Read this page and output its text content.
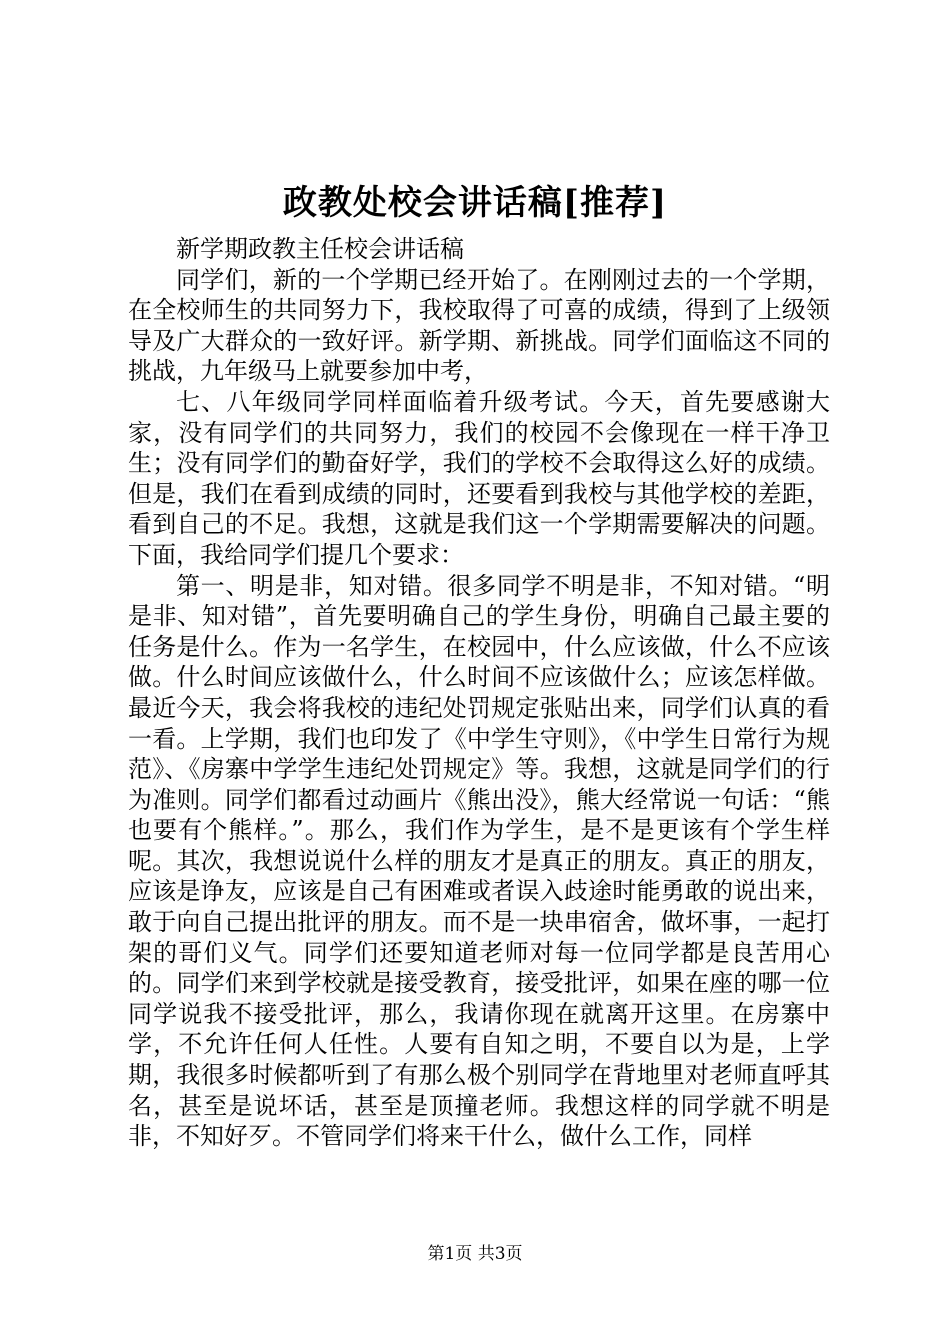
政教处校会讲话稿[推荐]

新学期政教主任校会讲话稿

同学们，新的一个学期已经开始了。在刚刚过去的一个学期，在全校师生的共同努力下，我校取得了可喜的成绩，得到了上级领导及广大群众的一致好评。新学期、新挑战。同学们面临这不同的挑战，九年级马上就要参加中考，

七、八年级同学同样面临着升级考试。今天，首先要感谢大家，没有同学们的共同努力，我们的校园不会像现在一样干净卫生；没有同学们的勤奋好学，我们的学校不会取得这么好的成绩。但是，我们在看到成绩的同时，还要看到我校与其他学校的差距，看到自己的不足。我想，这就是我们这一个学期需要解决的问题。下面，我给同学们提几个要求：

第一、明是非，知对错。很多同学不明是非，不知对错。“明是非、知对错”，首先要明确自己的学生身份，明确自己最主要的任务是什么。作为一名学生，在校园中，什么应该做，什么不应该做。什么时间应该做什么，什么时间不应该做什么；应该怎样做。最近今天，我会将我校的违纪处罚规定张贴出来，同学们认真的看一看。上学期，我们也印发了《中学生守则》，《中学生日常行为规范》、《房寨中学学生违纪处罚规定》等。我想，这就是同学们的行为准则。同学们都看过动画片《熊出没》，熊大经常说一句话：“熊也要有个熊样。”。那么，我们作为学生，是不是更该有个学生样呢。其次，我想说说什么样的朋友才是真正的朋友。真正的朋友，应该是诤友，应该是自己有困难或者误入歧途时能勇敢的说出来，敢于向自己提出批评的朋友。而不是一块串宿舍，做坏事，一起打架的哥们义气。同学们还要知道老师对每一位同学都是良苦用心的。同学们来到学校就是接受教育，接受批评，如果在座的哪一位同学说我不接受批评，那么，我请你现在就离开这里。在房寨中学，不允许任何人任性。人要有自知之明，不要自以为是，上学期，我很多时候都听到了有那么极个别同学在背地里对老师直呼其名，甚至是说坏话，甚至是顶撞老师。我想这样的同学就不明是非，不知好歹。不管同学们将来干什么，做什么工作，同样

第1页 共3页
